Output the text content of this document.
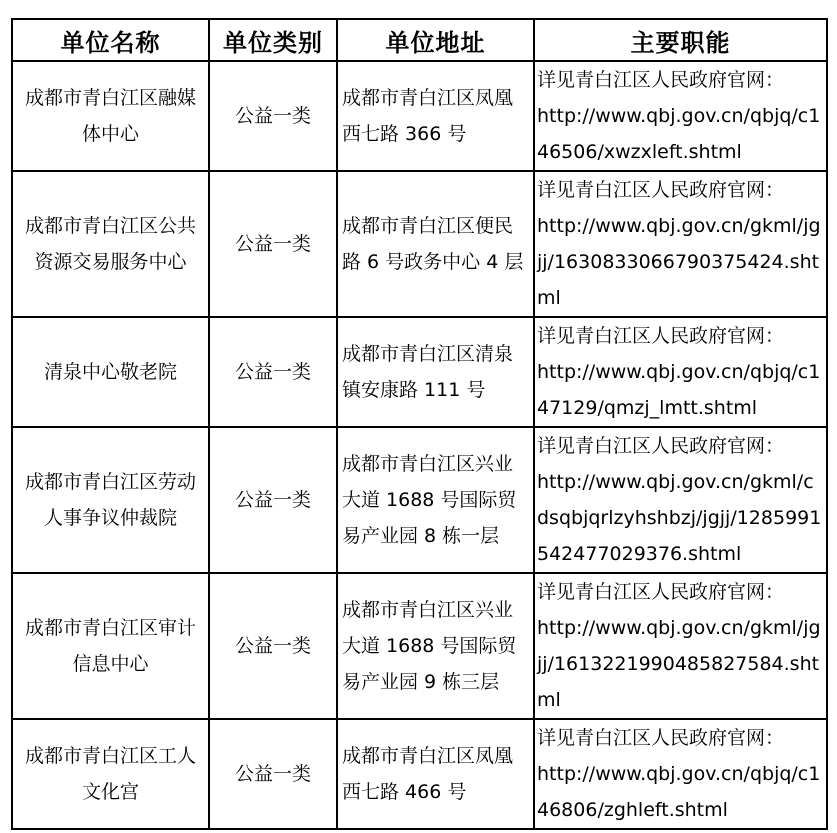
单位名称	单位类别	单位地址	主要职能
成都市青白江区融媒体中心	公益一类	成都市青白江区凤凰西七路 366 号	详见青白江区人民政府官网：
http://www.qbj.gov.cn/qbjq/c146506/xwzxleft.shtml

成都市青白江区公共资源交易服务中心	公益一类	成都市青白江区便民路 6 号政务中心 4 层	详见青白江区人民政府官网：
http://www.qbj.gov.cn/gkml/jgjj/1630833066790375424.shtml

清泉中心敬老院	公益一类	成都市青白江区清泉镇安康路 111 号	详见青白江区人民政府官网：
http://www.qbj.gov.cn/qbjq/c147129/qmzj_lmtt.shtml

成都市青白江区劳动人事争议仲裁院	公益一类	成都市青白江区兴业大道 1688 号国际贸易产业园 8 栋一层	详见青白江区人民政府官网：
http://www.qbj.gov.cn/gkml/cdsqbjqrlzyhshbzj/jgjj/1285991542477029376.shtml

成都市青白江区审计信息中心	公益一类	成都市青白江区兴业大道 1688 号国际贸易产业园 9 栋三层	详见青白江区人民政府官网：
http://www.qbj.gov.cn/gkml/jgjj/1613221990485827584.shtml

成都市青白江区工人文化宫	公益一类	成都市青白江区凤凰西七路 466 号	详见青白江区人民政府官网：
http://www.qbj.gov.cn/qbjq/c146806/zghleft.shtml
